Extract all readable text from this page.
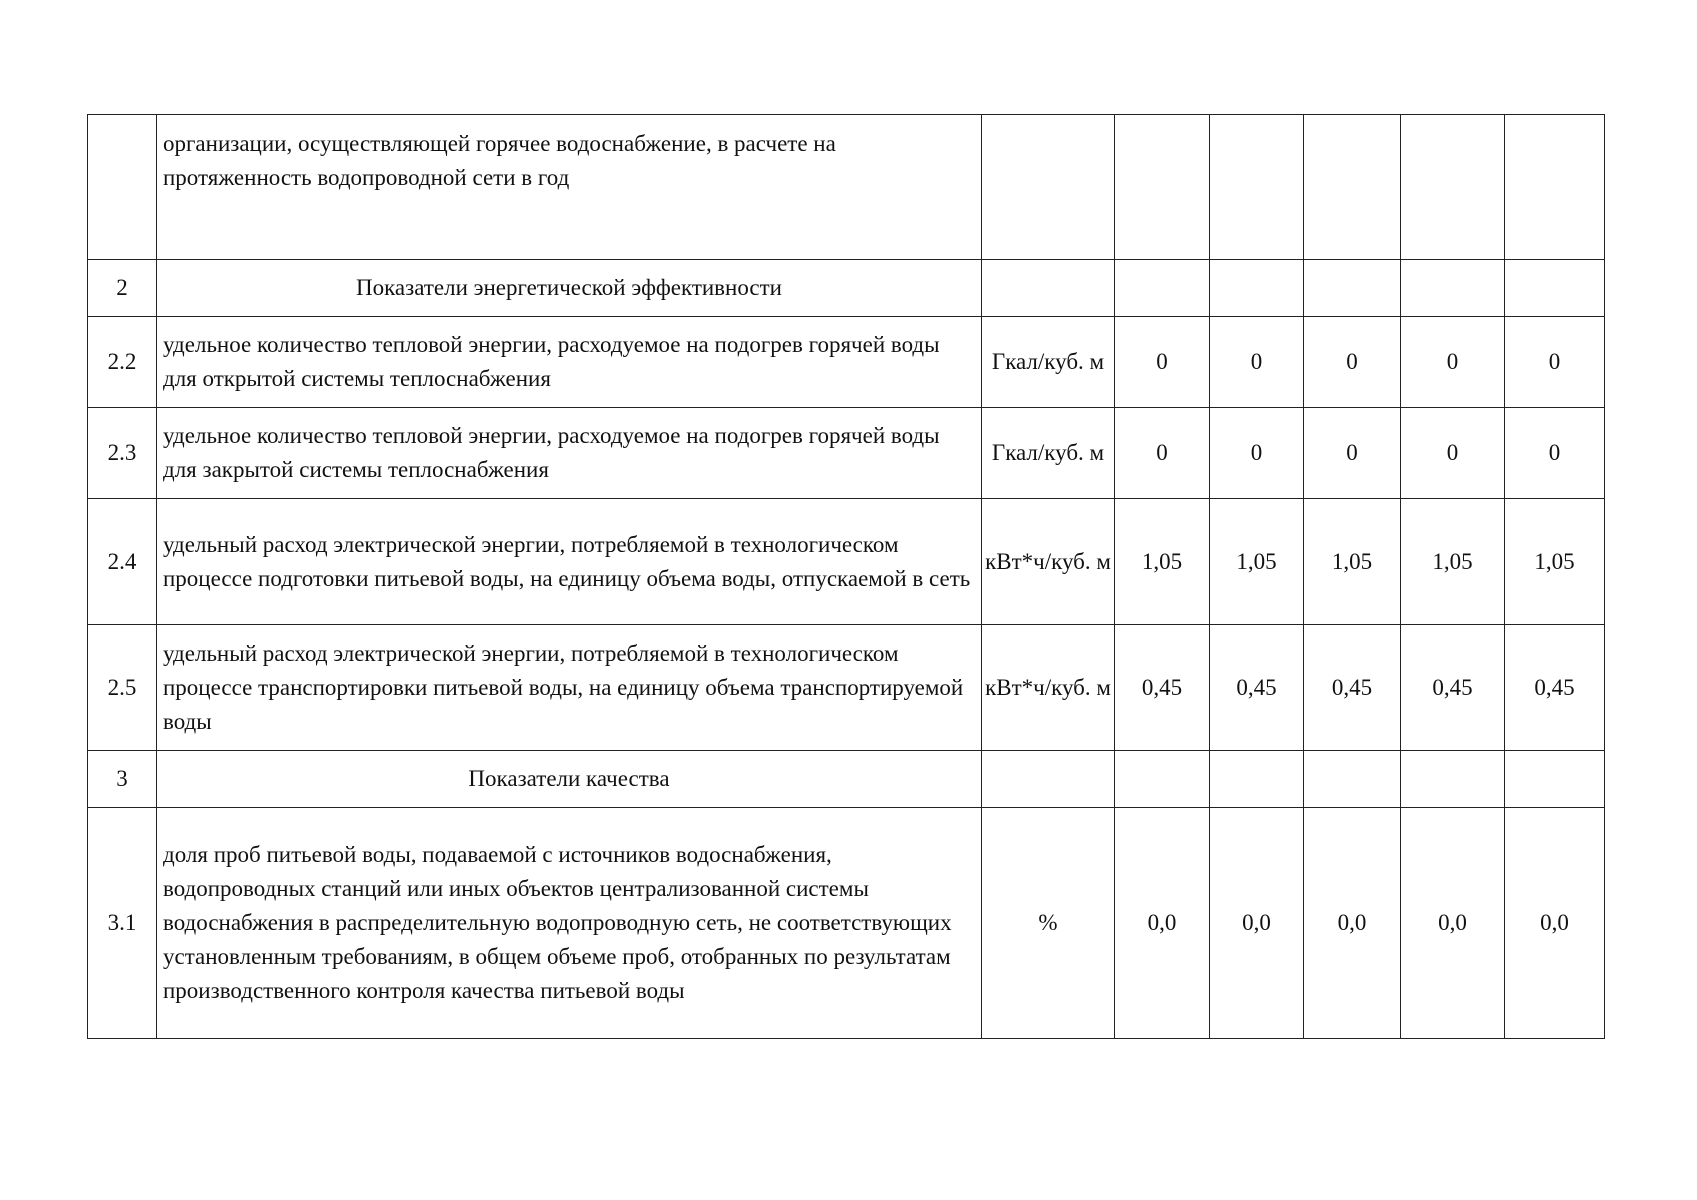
	организации, осуществляющей горячее водоснабжение, в расчете на протяженность водопроводной сети в год						
2	Показатели энергетической эффективности						
2.2	удельное количество тепловой энергии, расходуемое на подогрев горячей воды для открытой системы теплоснабжения	Гкал/куб. м	0	0	0	0	0
2.3	удельное количество тепловой энергии, расходуемое на подогрев горячей воды для закрытой системы теплоснабжения	Гкал/куб. м	0	0	0	0	0
2.4	удельный расход электрической энергии, потребляемой в технологическом процессе подготовки питьевой воды, на единицу объема воды, отпускаемой в сеть	кВт*ч/куб. м	1,05	1,05	1,05	1,05	1,05
2.5	удельный расход электрической энергии, потребляемой в технологическом процессе транспортировки питьевой воды, на единицу объема транспортируемой воды	кВт*ч/куб. м	0,45	0,45	0,45	0,45	0,45
3	Показатели качества						
3.1	доля проб питьевой воды, подаваемой с источников водоснабжения, водопроводных станций или иных объектов централизованной системы водоснабжения в распределительную водопроводную сеть, не соответствующих установленным требованиям, в общем объеме проб, отобранных по результатам производственного контроля качества питьевой воды	%	0,0	0,0	0,0	0,0	0,0
